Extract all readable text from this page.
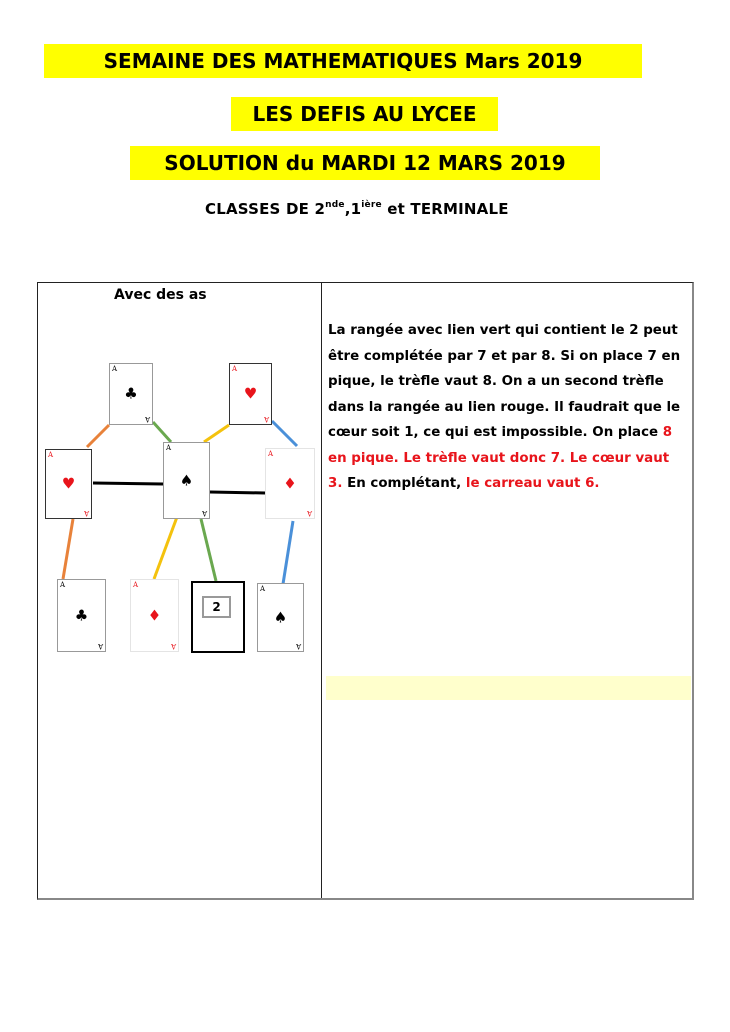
SEMAINE DES MATHEMATIQUES Mars 2019
LES DEFIS AU LYCEE
SOLUTION du MARDI 12 MARS 2019
CLASSES DE $2nde,1^{ière}$ et TERMINALE
Avec des as
A
♣
A
A
♥
A
A
♥
A
A
♠
A
A
♦
A
A
♣
A
A
♦
A
2
A
♠
A
La rangée avec lien vert qui contient le 2 peut être complétée par 7 et par 8. Si on place 7 en pique, le trèfle vaut 8. On a un second trèfle dans la rangée au lien rouge. Il faudrait que le cœur soit 1, ce qui est impossible. On place 8 en pique. Le trèfle vaut donc 7. Le cœur vaut 3. En complétant, le carreau vaut 6.
